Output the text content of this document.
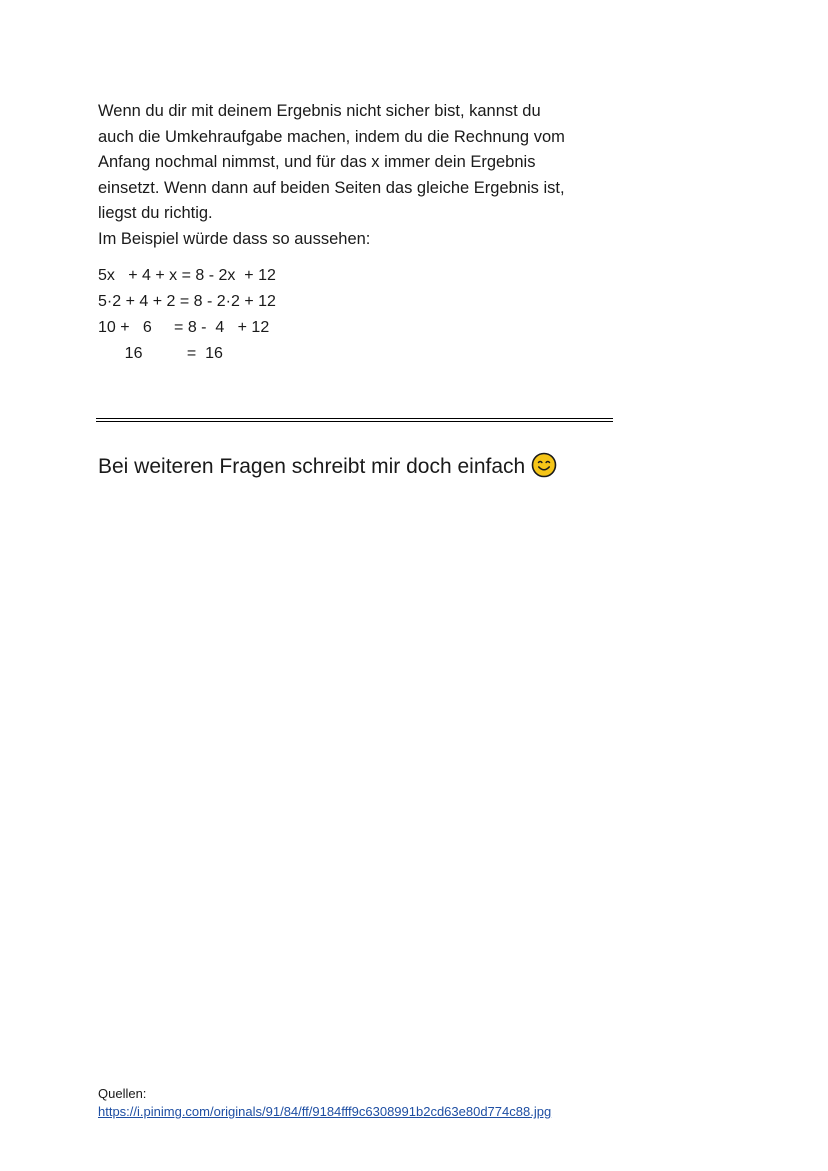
Wenn du dir mit deinem Ergebnis nicht sicher bist, kannst du

auch die Umkehraufgabe machen, indem du die Rechnung vom

Anfang nochmal nimmst, und für das x immer dein Ergebnis

einsetzt. Wenn dann auf beiden Seiten das gleiche Ergebnis ist,

liegst du richtig.

Im Beispiel würde dass so aussehen:

5x   + 4 + x = 8 - 2x  + 12
5·2 + 4 + 2 = 8 - 2·2 + 12
10 +   6     = 8 -  4   + 12
16          =  16
Bei weiteren Fragen schreibt mir doch einfach
Quellen:
https://i.pinimg.com/originals/91/84/ff/9184fff9c6308991b2cd63e80d774c88.jpg
